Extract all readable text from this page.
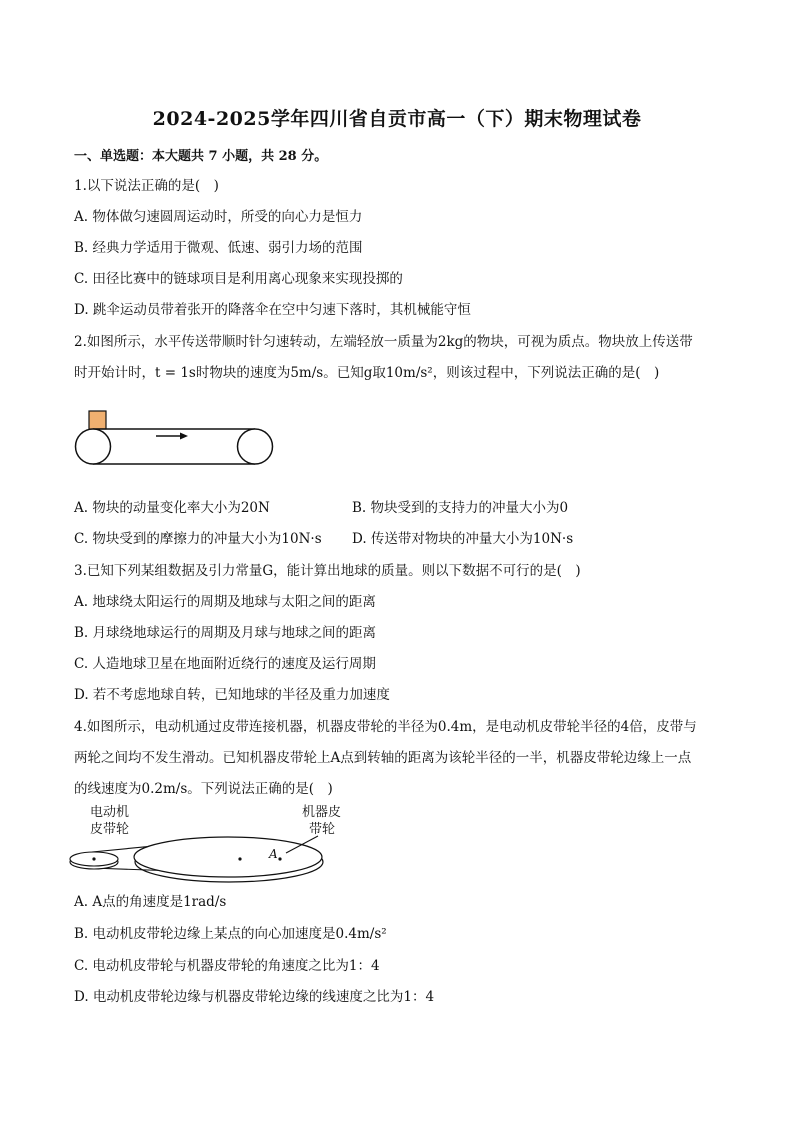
2024-2025学年四川省自贡市高一（下）期末物理试卷
一、单选题：本大题共 7 小题，共 28 分。
1.以下说法正确的是(　)
A. 物体做匀速圆周运动时，所受的向心力是恒力
B. 经典力学适用于微观、低速、弱引力场的范围
C. 田径比赛中的链球项目是利用离心现象来实现投掷的
D. 跳伞运动员带着张开的降落伞在空中匀速下落时，其机械能守恒
2.如图所示，水平传送带顺时针匀速转动，左端轻放一质量为2kg的物块，可视为质点。物块放上传送带
时开始计时，t = 1s时物块的速度为5m/s。已知g取10m/s²，则该过程中，下列说法正确的是(　)
A. 物块的动量变化率大小为20N	B. 物块受到的支持力的冲量大小为0
C. 物块受到的摩擦力的冲量大小为10N·s D. 传送带对物块的冲量大小为10N·s
3.已知下列某组数据及引力常量G，能计算出地球的质量。则以下数据不可行的是(　)
A. 地球绕太阳运行的周期及地球与太阳之间的距离
B. 月球绕地球运行的周期及月球与地球之间的距离
C. 人造地球卫星在地面附近绕行的速度及运行周期
D. 若不考虑地球自转，已知地球的半径及重力加速度
4.如图所示，电动机通过皮带连接机器，机器皮带轮的半径为0.4m，是电动机皮带轮半径的4倍，皮带与
两轮之间均不发生滑动。已知机器皮带轮上A点到转轴的距离为该轮半径的一半，机器皮带轮边缘上一点
的线速度为0.2m/s。下列说法正确的是(　)
电动机
皮带轮
机器皮
带轮
A
A. A点的角速度是1rad/s
B. 电动机皮带轮边缘上某点的向心加速度是0.4m/s²
C. 电动机皮带轮与机器皮带轮的角速度之比为1：4
D. 电动机皮带轮边缘与机器皮带轮边缘的线速度之比为1：4
